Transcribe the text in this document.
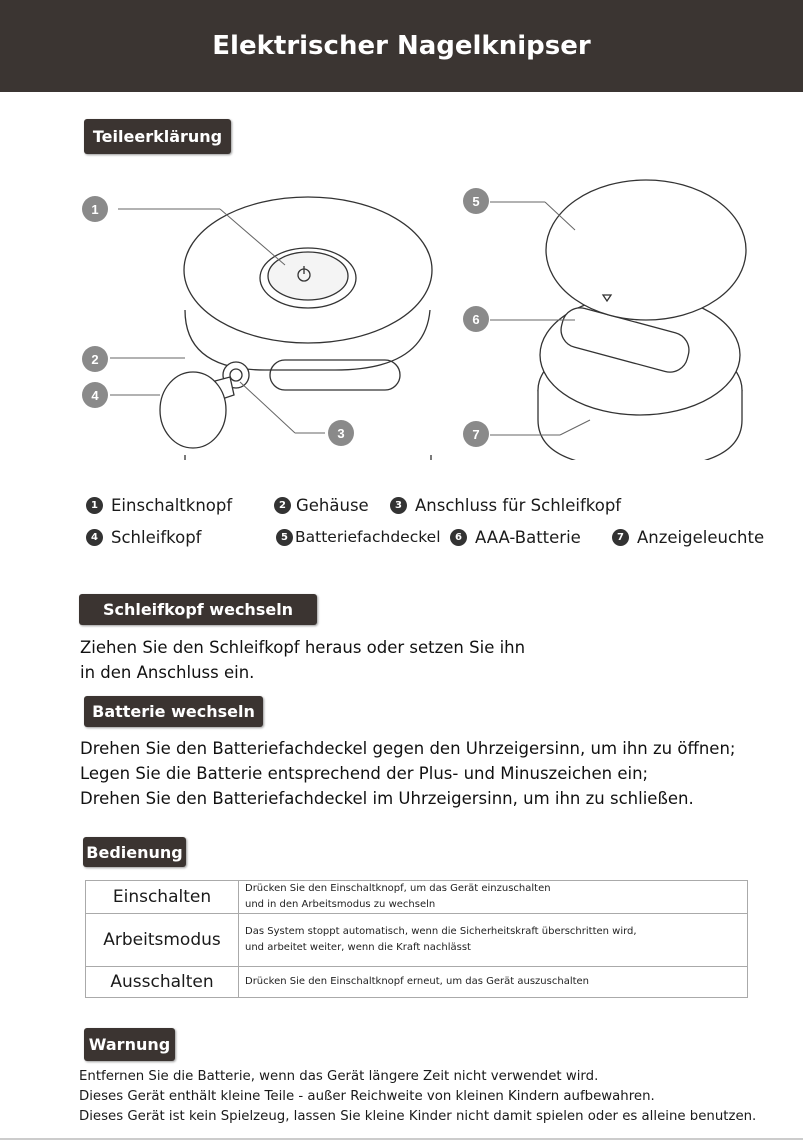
Elektrischer Nagelknipser
Teileerklärung
1
2
3
4
5
6
7
1 Einschaltknopf	2 Gehäuse	3 Anschluss für Schleifkopf
4 Schleifkopf	5 Batteriefachdeckel	6 AAA-Batterie	7 Anzeigeleuchte
Schleifkopf wechseln
Ziehen Sie den Schleifkopf heraus oder setzen Sie ihn
in den Anschluss ein.
Batterie wechseln
Drehen Sie den Batteriefachdeckel gegen den Uhrzeigersinn, um ihn zu öffnen;
Legen Sie die Batterie entsprechend der Plus- und Minuszeichen ein;
Drehen Sie den Batteriefachdeckel im Uhrzeigersinn, um ihn zu schließen.
Bedienung
Einschalten	Drücken Sie den Einschaltknopf, um das Gerät einzuschalten
und in den Arbeitsmodus zu wechseln

Arbeitsmodus	Das System stoppt automatisch, wenn die Sicherheitskraft überschritten wird,
und arbeitet weiter, wenn die Kraft nachlässt

Ausschalten	Drücken Sie den Einschaltknopf erneut, um das Gerät auszuschalten
Warnung
Entfernen Sie die Batterie, wenn das Gerät längere Zeit nicht verwendet wird.
Dieses Gerät enthält kleine Teile - außer Reichweite von kleinen Kindern aufbewahren.
Dieses Gerät ist kein Spielzeug, lassen Sie kleine Kinder nicht damit spielen oder es alleine benutzen.
